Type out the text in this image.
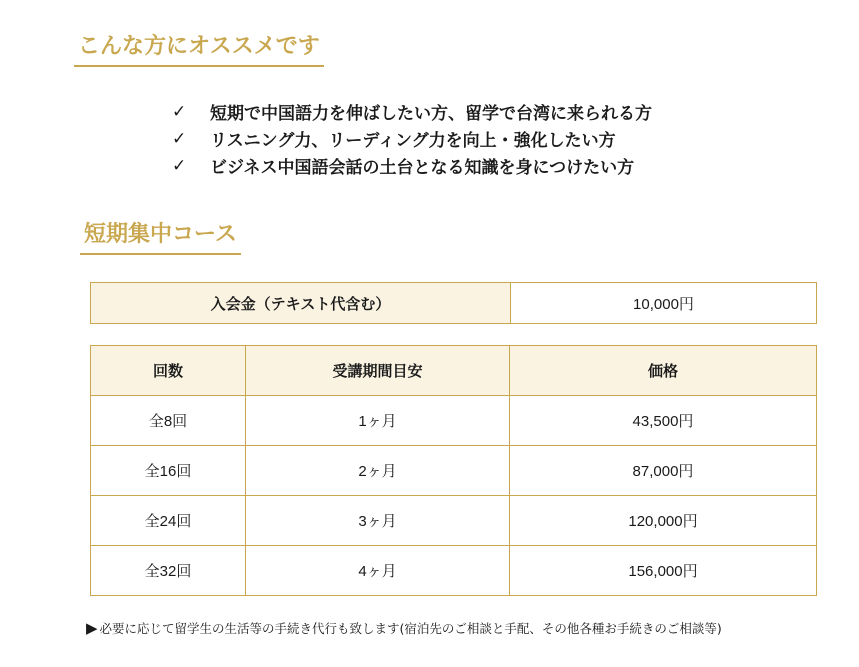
こんな方にオススメです
✓	短期で中国語力を伸ばしたい方、留学で台湾に来られる方
✓	リスニング力、リーディング力を向上・強化したい方
✓	ビジネス中国語会話の土台となる知識を身につけたい方
短期集中コース
入会金（テキスト代含む）	10,000円
回数	受講期間目安	価格
全8回	1ヶ月	43,500円
全16回	2ヶ月	87,000円
全24回	3ヶ月	120,000円
全32回	4ヶ月	156,000円
▶ 必要に応じて留学生の生活等の手続き代行も致します(宿泊先のご相談と手配、その他各種お手続きのご相談等)
